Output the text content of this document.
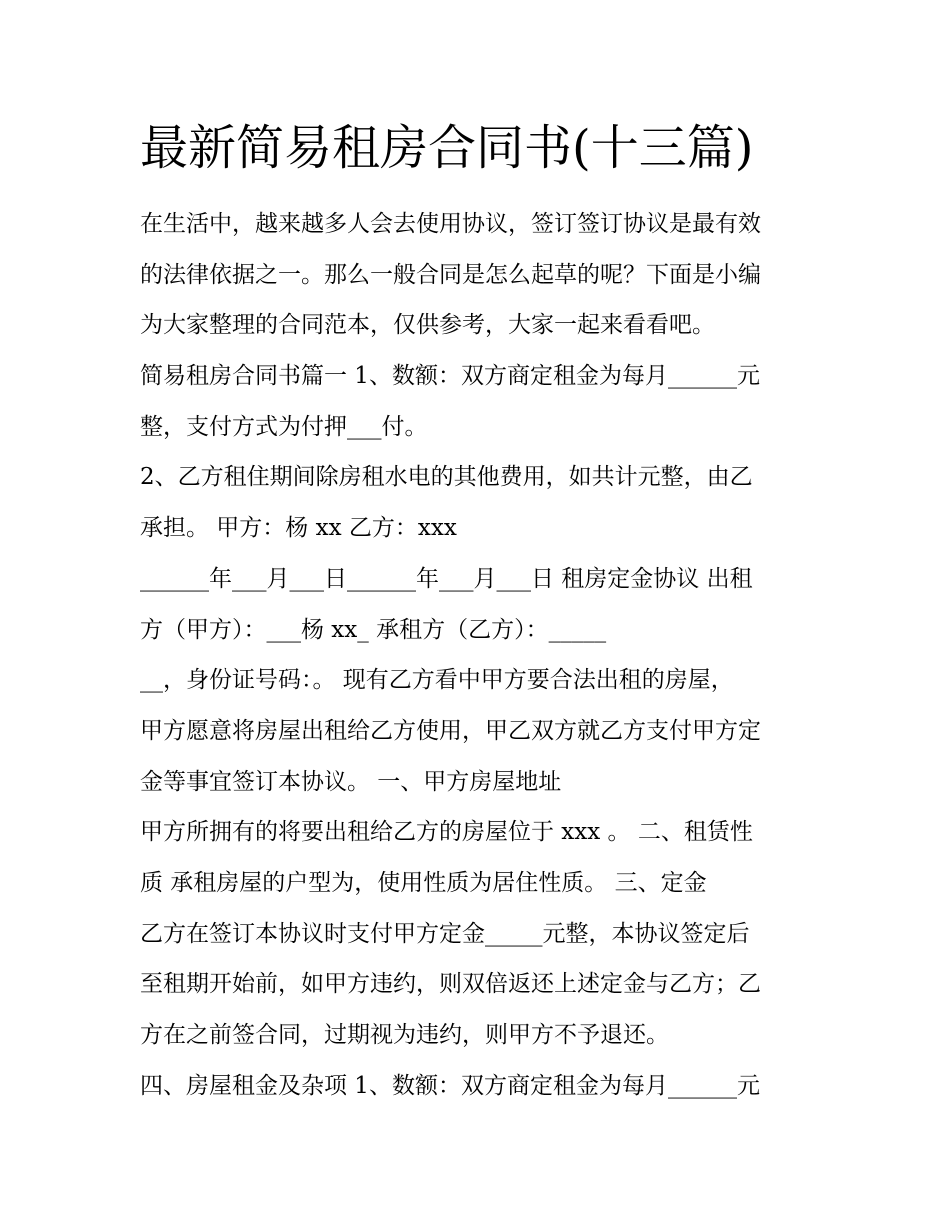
最新简易租房合同书(十三篇)
在生活中，越来越多人会去使用协议，签订签订协议是最有效
的法律依据之一。那么一般合同是怎么起草的呢？下面是小编
为大家整理的合同范本，仅供参考，大家一起来看看吧。
简易租房合同书篇一 1、数额：双方商定租金为每月______元
整，支付方式为付押___付。
2、乙方租住期间除房租水电的其他费用，如共计元整，由乙
承担。 甲方：杨 xx 乙方：xxx
______年___月___日______年___月___日 租房定金协议 出租
方（甲方）：___杨 xx_ 承租方（乙方）：_____
__，身份证号码：。 现有乙方看中甲方要合法出租的房屋，
甲方愿意将房屋出租给乙方使用，甲乙双方就乙方支付甲方定
金等事宜签订本协议。 一、甲方房屋地址
甲方所拥有的将要出租给乙方的房屋位于 xxx 。 二、租赁性
质 承租房屋的户型为，使用性质为居住性质。 三、定金
乙方在签订本协议时支付甲方定金_____元整，本协议签定后
至租期开始前，如甲方违约，则双倍返还上述定金与乙方；乙
方在之前签合同，过期视为违约，则甲方不予退还。
四、房屋租金及杂项 1、数额：双方商定租金为每月______元
